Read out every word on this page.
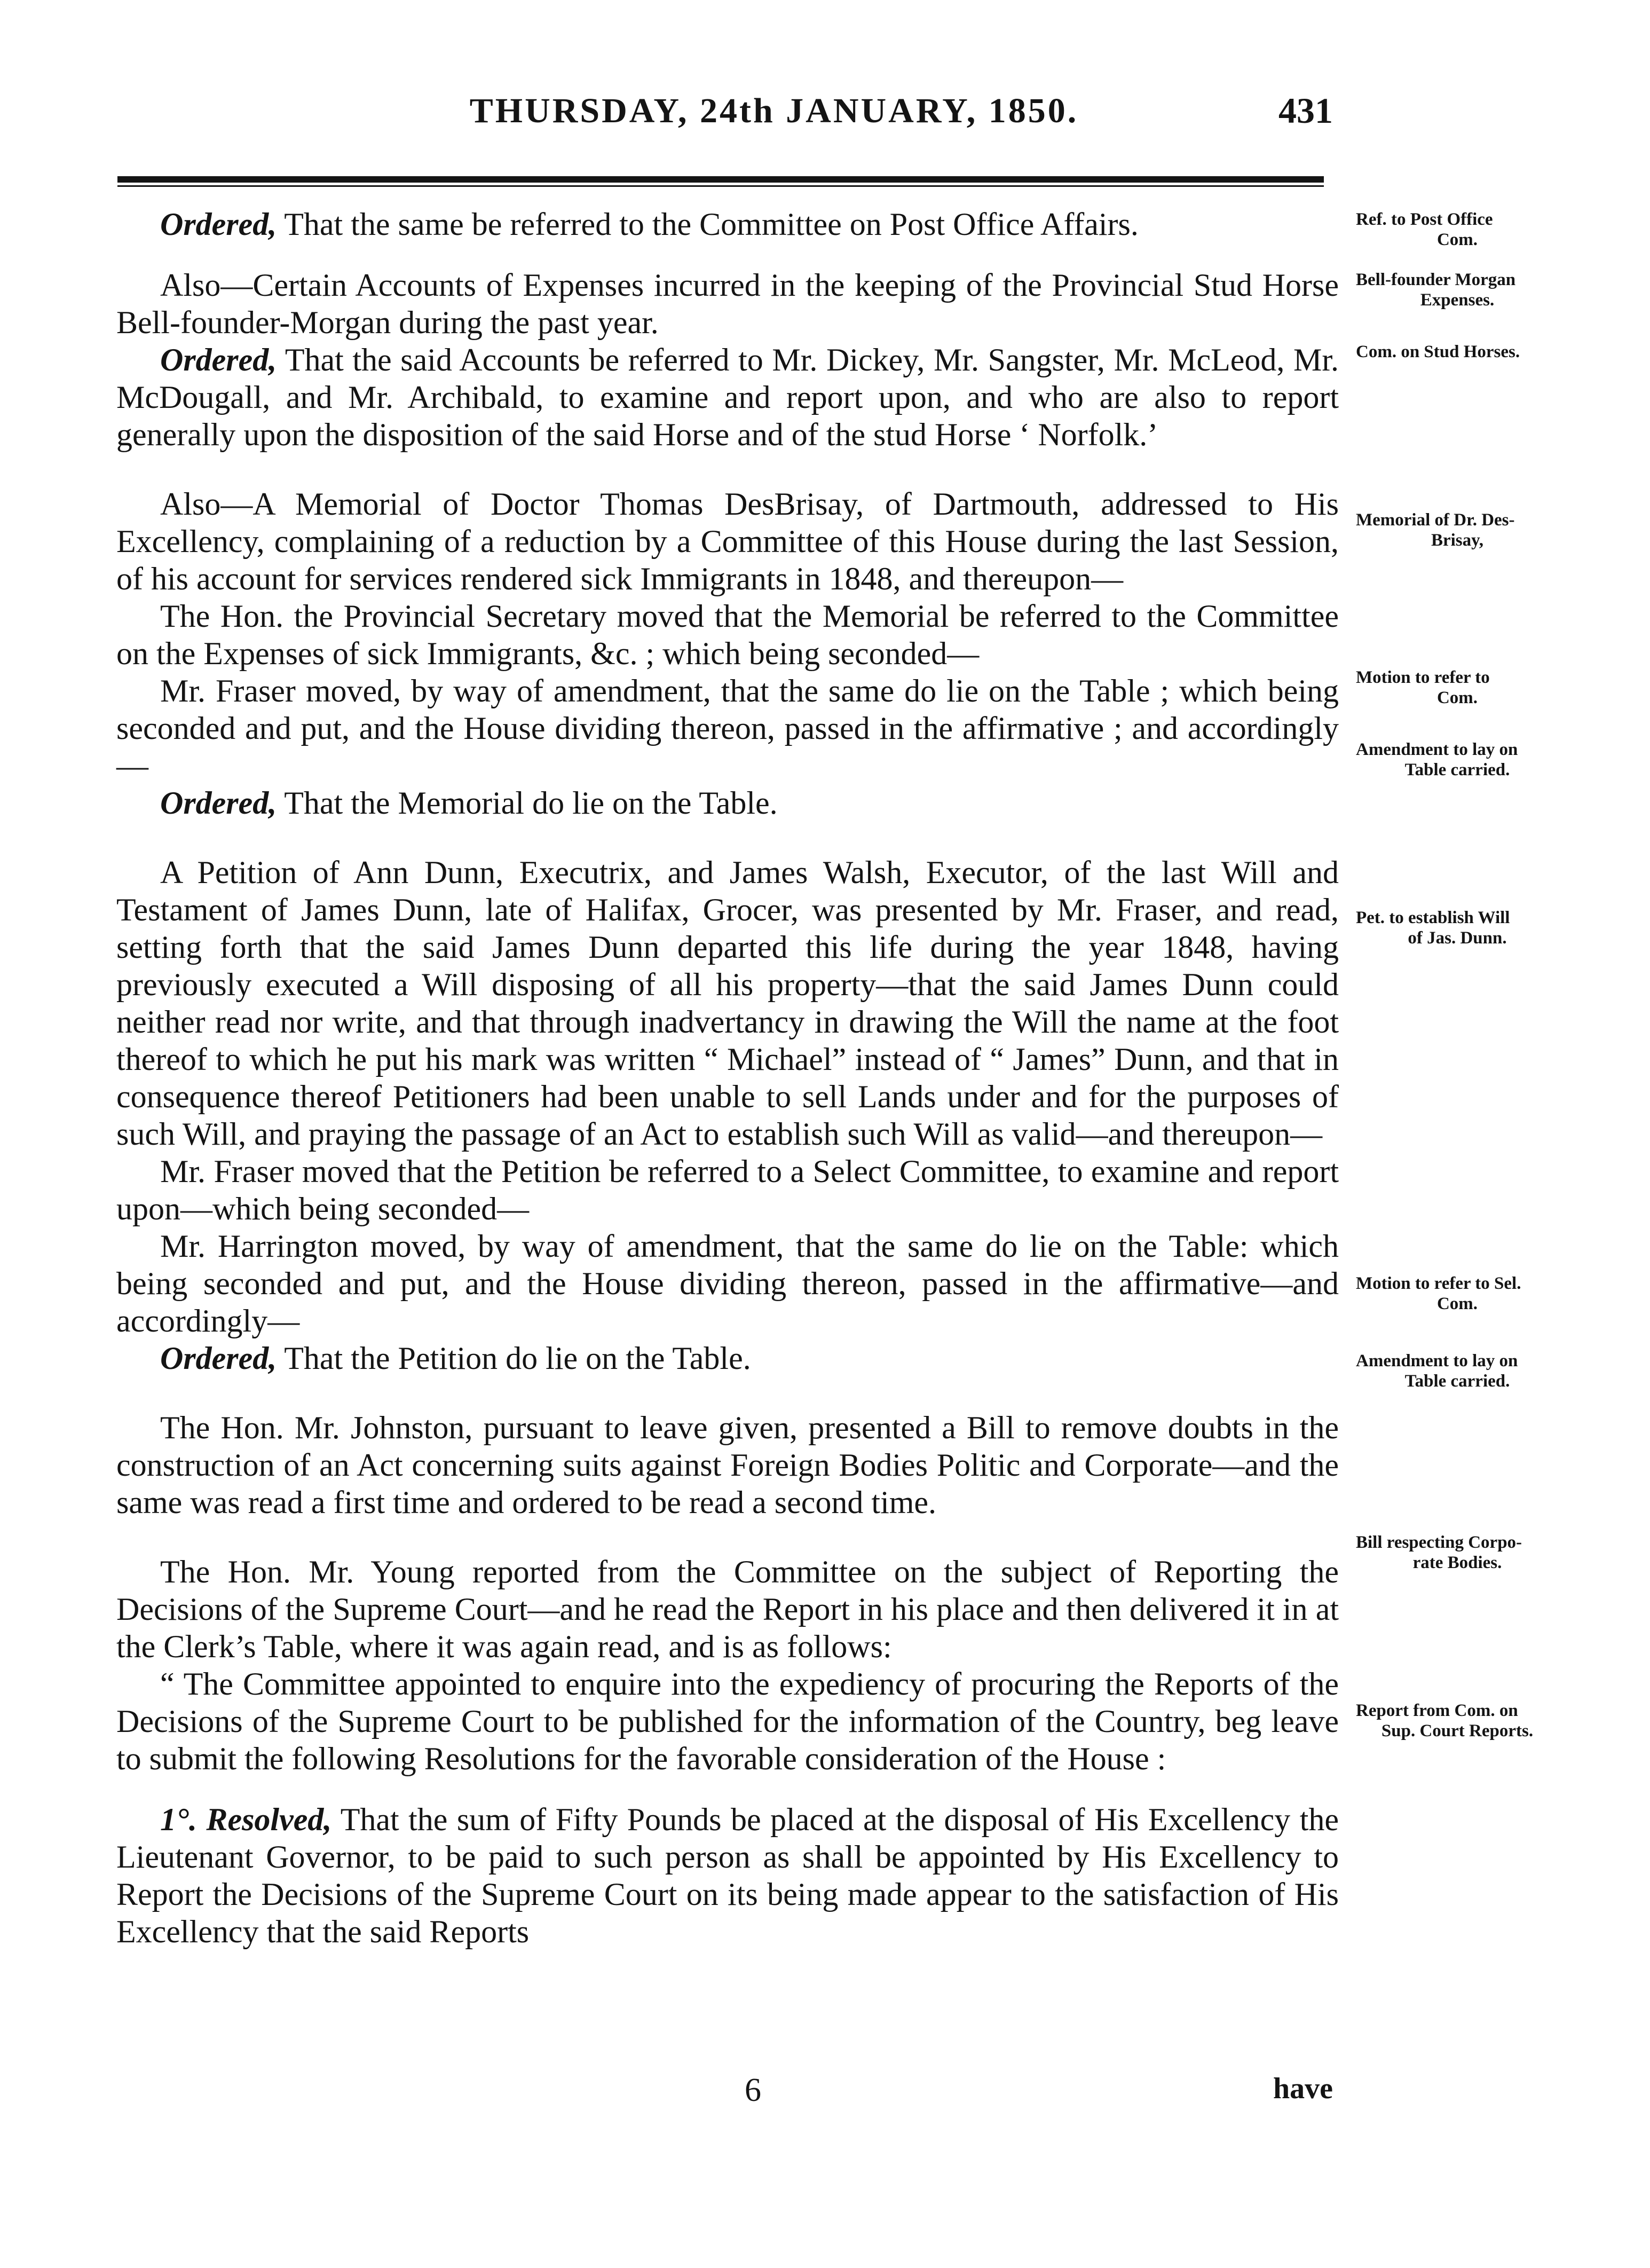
THURSDAY, 24th JANUARY, 1850.	431

Ordered, That the same be referred to the Committee on Post Office Affairs.

Also—Certain Accounts of Expenses incurred in the keeping of the Provincial Stud Horse Bell-founder-Morgan during the past year.

Ordered, That the said Accounts be referred to Mr. Dickey, Mr. Sangster, Mr. McLeod, Mr. McDougall, and Mr. Archibald, to examine and report upon, and who are also to report generally upon the disposition of the said Horse and of the stud Horse ‘ Norfolk.’

Also—A Memorial of Doctor Thomas DesBrisay, of Dartmouth, addressed to His Excellency, complaining of a reduction by a Committee of this House during the last Session, of his account for services rendered sick Immigrants in 1848, and thereupon—

The Hon. the Provincial Secretary moved that the Memorial be referred to the Committee on the Expenses of sick Immigrants, &c. ; which being seconded—

Mr. Fraser moved, by way of amendment, that the same do lie on the Table ; which being seconded and put, and the House dividing thereon, passed in the affirmative ; and accordingly—

Ordered, That the Memorial do lie on the Table.

A Petition of Ann Dunn, Executrix, and James Walsh, Executor, of the last Will and Testament of James Dunn, late of Halifax, Grocer, was presented by Mr. Fraser, and read, setting forth that the said James Dunn departed this life during the year 1848, having previously executed a Will disposing of all his property—that the said James Dunn could neither read nor write, and that through inadvertancy in drawing the Will the name at the foot thereof to which he put his mark was written “ Michael” instead of “ James” Dunn, and that in consequence thereof Petitioners had been unable to sell Lands under and for the purposes of such Will, and praying the passage of an Act to establish such Will as valid—and thereupon—

Mr. Fraser moved that the Petition be referred to a Select Committee, to examine and report upon—which being seconded—

Mr. Harrington moved, by way of amendment, that the same do lie on the Table: which being seconded and put, and the House dividing thereon, passed in the affirmative—and accordingly—

Ordered, That the Petition do lie on the Table.

The Hon. Mr. Johnston, pursuant to leave given, presented a Bill to remove doubts in the construction of an Act concerning suits against Foreign Bodies Politic and Corporate—and the same was read a first time and ordered to be read a second time.

The Hon. Mr. Young reported from the Committee on the subject of Reporting the Decisions of the Supreme Court—and he read the Report in his place and then delivered it in at the Clerk’s Table, where it was again read, and is as follows:

“ The Committee appointed to enquire into the expediency of procuring the Reports of the Decisions of the Supreme Court to be published for the information of the Country, beg leave to submit the following Resolutions for the favorable consideration of the House :

1°. Resolved, That the sum of Fifty Pounds be placed at the disposal of His Excellency the Lieutenant Governor, to be paid to such person as shall be appointed by His Excellency to Report the Decisions of the Supreme Court on its being made appear to the satisfaction of His Excellency that the said Reports

Ref. to Post Office
Com.
Bell-founder Morgan
Expenses.
Com. on Stud Horses.
Memorial of Dr. Des-
Brisay,
Motion to refer to
Com.
Amendment to lay on
Table carried.
Pet. to establish Will
of Jas. Dunn.
Motion to refer to Sel.
Com.
Amendment to lay on
Table carried.
Bill respecting Corpo-
rate Bodies.
Report from Com. on
Sup. Court Reports.
6	have
